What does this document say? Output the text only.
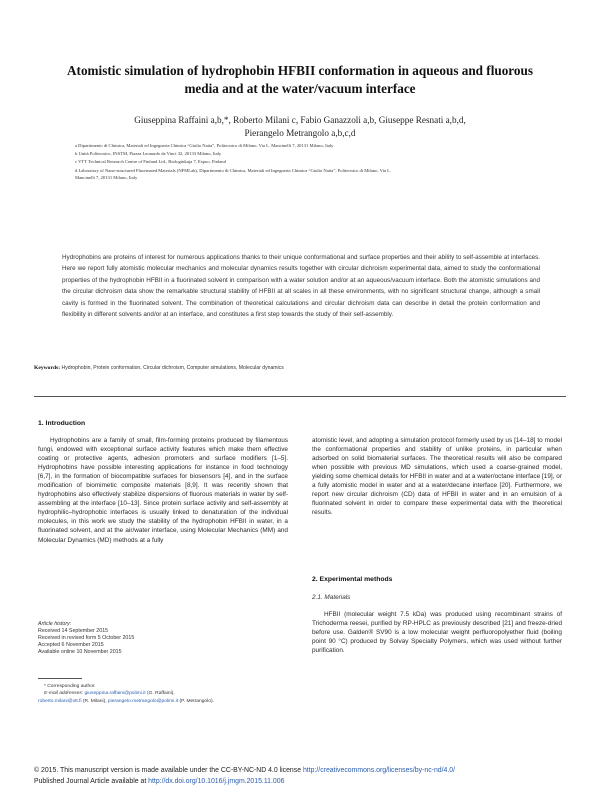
Atomistic simulation of hydrophobin HFBII conformation in aqueous and fluorous media and at the water/vacuum interface
Giuseppina Raffaini a,b,*, Roberto Milani c, Fabio Ganazzoli a,b, Giuseppe Resnati a,b,d,
Pierangelo Metrangolo a,b,c,d
a Dipartimento di Chimica, Materiali ed Ingegneria Chimica “Giulio Natta”, Politecnico di Milano, Via L. Mancinelli 7, 20131 Milano, Italy
b Unità Politecnico, INSTM, Piazza Leonardo da Vinci 32, 20133 Milano, Italy
c VTT Technical Research Centre of Finland Ltd., Biologinkuja 7, Espoo, Finland
d Laboratory of Nano-structured Fluorinated Materials (NFMLab), Dipartimento di Chimica, Materiali ed Ingegneria Chimica “Giulio Natta”, Politecnico di Milano, Via L.
Mancinelli 7, 20131 Milano, Italy
Hydrophobins are proteins of interest for numerous applications thanks to their unique conformational and surface properties and their ability to self-assemble at interfaces. Here we report fully atomistic molecular mechanics and molecular dynamics results together with circular dichroism experimental data, aimed to study the conformational properties of the hydrophobin HFBII in a fluorinated solvent in comparison with a water solution and/or at an aqueous/vacuum interface. Both the atomistic simulations and the circular dichroism data show the remarkable structural stability of HFBII at all scales in all these environments, with no significant structural change, although a small cavity is formed in the fluorinated solvent. The combination of theoretical calculations and circular dichroism data can describe in detail the protein conformation and flexibility in different solvents and/or at an interface, and constitutes a first step towards the study of their self-assembly.
Keywords: Hydrophobin, Protein conformation, Circular dichroism, Computer simulations, Molecular dynamics
1. Introduction

Hydrophobins are a family of small, film-forming proteins produced by filamentous fungi, endowed with exceptional surface activity features which make them effective coating or protective agents, adhesion promoters and surface modifiers [1–5]. Hydrophobins have possible interesting applications for instance in food technology [6,7], in the formation of biocompatible surfaces for biosensors [4], and in the surface modification of biomimetic composite materials [8,9]. It was recently shown that hydrophobins also effectively stabilize dispersions of fluorous materials in water by self-assembling at the interface [10–13]. Since protein surface activity and self-assembly at hydrophilic–hydrophobic interfaces is usually linked to denaturation of the individual molecules, in this work we study the stability of the hydrophobin HFBII in water, in a fluorinated solvent, and at the air/water interface, using Molecular Mechanics (MM) and Molecular Dynamics (MD) methods at a fully

Article history:
Received 14 September 2015
Received in revised form 5 October 2015
Accepted 6 November 2015
Available online 10 November 2015
* Corresponding author.
E-mail addresses: giuseppina.raffaini@polimi.it (G. Raffaini),
roberto.milani@vtt.fi (R. Milani), pierangelo.metrangolo@polimi.it (P. Metrangolo).

atomistic level, and adopting a simulation protocol formerly used by us [14–18] to model the conformational properties and stability of unlike proteins, in particular when adsorbed on solid biomaterial surfaces. The theoretical results will also be compared when possible with previous MD simulations, which used a coarse-grained model, yielding some chemical details for HFBII in water and at a water/octane interface [19], or a fully atomistic model in water and at a water/decane interface [20]. Furthermore, we report new circular dichroism (CD) data of HFBII in water and in an emulsion of a fluorinated solvent in order to compare these experimental data with the theoretical results.

2. Experimental methods
2.1. Materials

HFBII (molecular weight 7.5 kDa) was produced using recombinant strains of Trichoderma reesei, purified by RP-HPLC as previously described [21] and freeze-dried before use. Galden® SV90 is a low molecular weight perfluoropolyether fluid (boiling point 90 °C) produced by Solvay Specialty Polymers, which was used without further purification.

© 2015. This manuscript version is made available under the CC-BY-NC-ND 4.0 license http://creativecommons.org/licenses/by-nc-nd/4.0/
Published Journal Article available at http://dx.doi.org/10.1016/j.jmgm.2015.11.006
